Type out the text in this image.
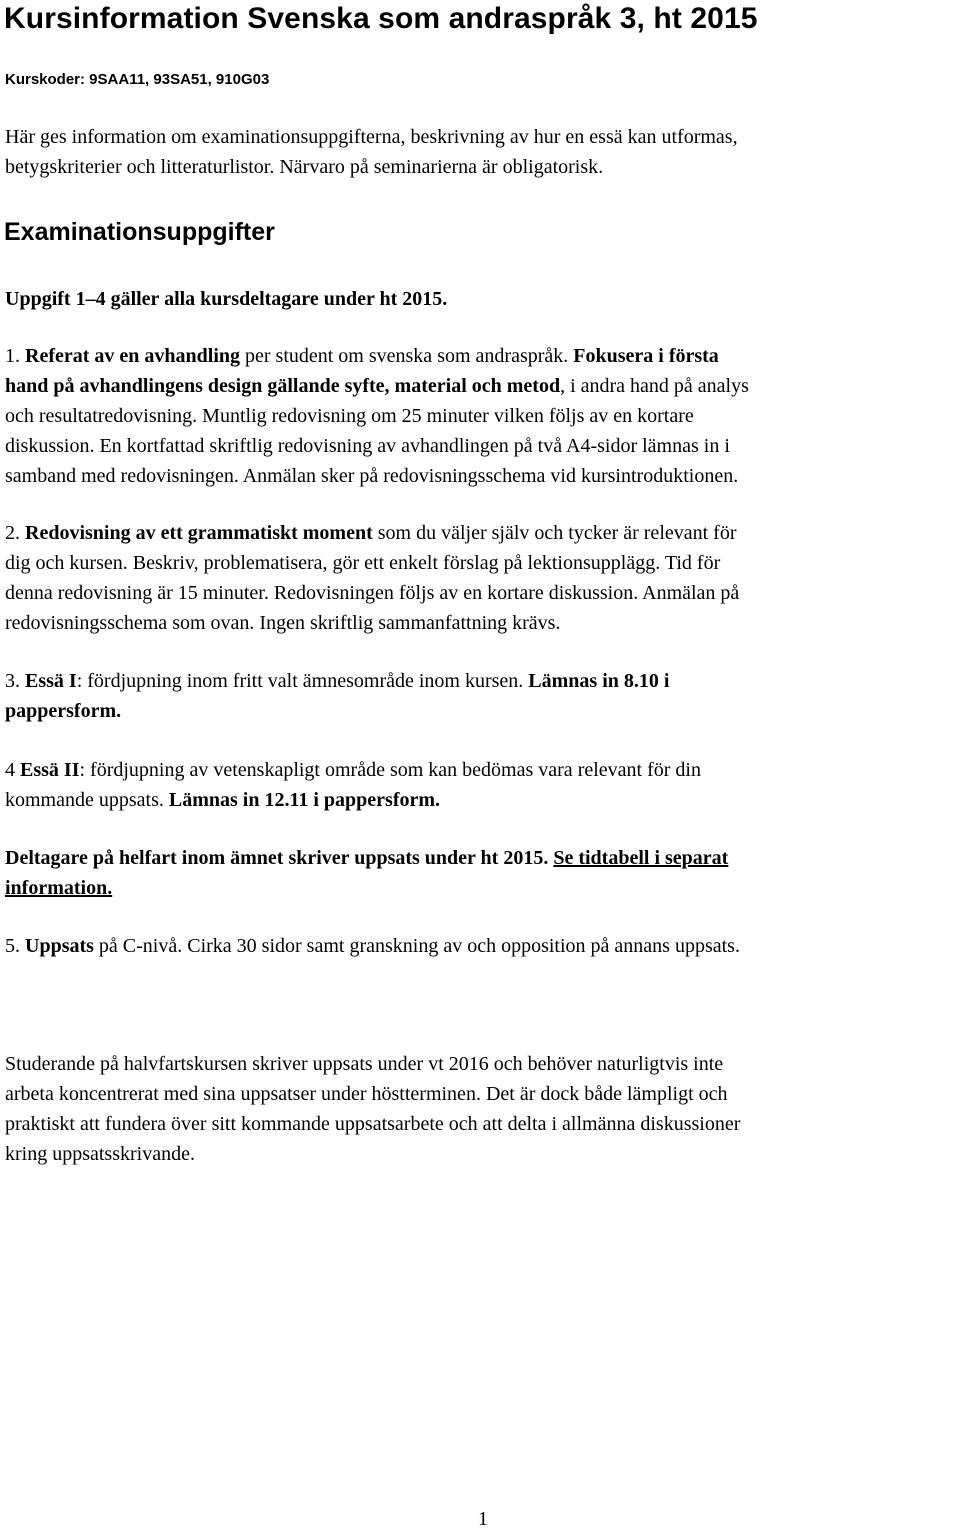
Kursinformation Svenska som andraspråk 3, ht 2015
Kurskoder: 9SAA11, 93SA51, 910G03
Här ges information om examinationsuppgifterna, beskrivning av hur en essä kan utformas,
betygskriterier och litteraturlistor. Närvaro på seminarierna är obligatorisk.
Examinationsuppgifter
Uppgift 1–4 gäller alla kursdeltagare under ht 2015.
1. Referat av en avhandling per student om svenska som andraspråk. Fokusera i första
hand på avhandlingens design gällande syfte, material och metod, i andra hand på analys
och resultatredovisning. Muntlig redovisning om 25 minuter vilken följs av en kortare
diskussion. En kortfattad skriftlig redovisning av avhandlingen på två A4-sidor lämnas in i
samband med redovisningen. Anmälan sker på redovisningsschema vid kursintroduktionen.
2. Redovisning av ett grammatiskt moment som du väljer själv och tycker är relevant för
dig och kursen. Beskriv, problematisera, gör ett enkelt förslag på lektionsupplägg. Tid för
denna redovisning är 15 minuter. Redovisningen följs av en kortare diskussion. Anmälan på
redovisningsschema som ovan. Ingen skriftlig sammanfattning krävs.
3. Essä I: fördjupning inom fritt valt ämnesområde inom kursen. Lämnas in 8.10 i
pappersform.
4 Essä II: fördjupning av vetenskapligt område som kan bedömas vara relevant för din
kommande uppsats. Lämnas in 12.11 i pappersform.
Deltagare på helfart inom ämnet skriver uppsats under ht 2015. Se tidtabell i separat
information.
5. Uppsats på C-nivå. Cirka 30 sidor samt granskning av och opposition på annans uppsats.
Studerande på halvfartskursen skriver uppsats under vt 2016 och behöver naturligtvis inte
arbeta koncentrerat med sina uppsatser under höstterminen. Det är dock både lämpligt och
praktiskt att fundera över sitt kommande uppsatsarbete och att delta i allmänna diskussioner
kring uppsatsskrivande.
1
